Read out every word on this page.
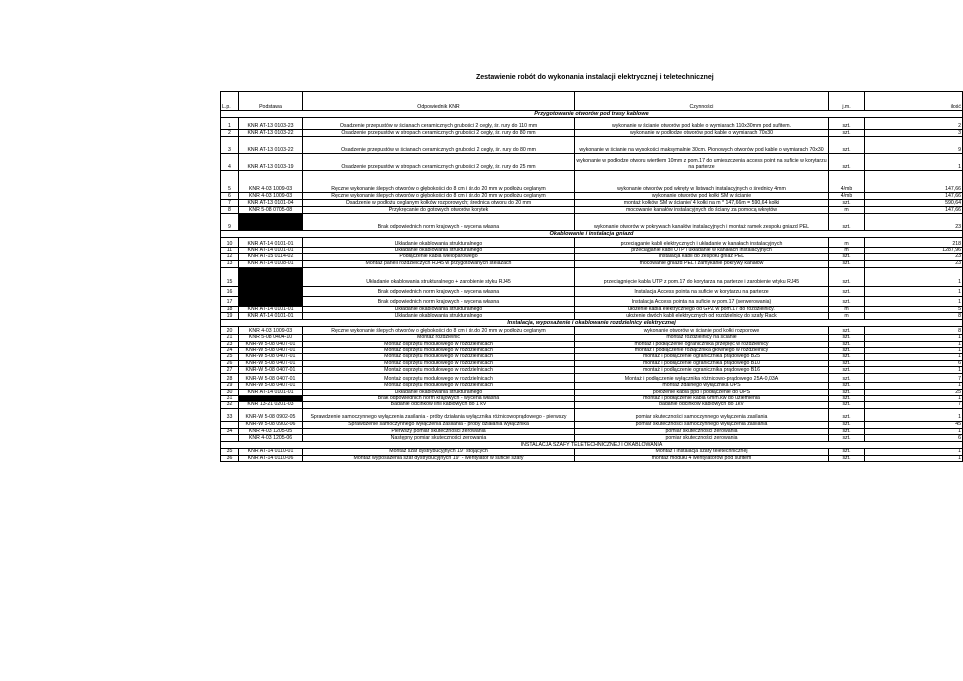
Zestawienie robót do wykonania instalacji elektrycznej i teletechnicznej
L.p.	Podstawa	Odpowiednik KNR	Czynności	j.m.	ilość
Przygotowanie otworów pod trasy kablowe					
1	KNR AT-13 0103-23	Osadzenie przepustów w ścianach ceramicznych grubości 2 cegły, śr. rury do 110 mm	wykonanie w ścianie otworów pod kable o wymiarach 110x30mm pod sufitem.	szt.	2
2	KNR AT-13 0103-22	Osadzenie przepustów w stropach ceramicznych grubości 2 cegły, śr. rury do 80 mm	wykonanie w podłodze otworów pod kable o wymiarach 70x30	szt.	3
3	KNR AT-13 0103-22	Osadzenie przepustów w ścianach ceramicznych grubości 2 cegły, śr. rury do 80 mm	wykonanie w ścianie na wysokości maksymalnie 30cm. Pionowych otworów pod kable o wymiarach 70x30	szt.	9
4	KNR AT-13 0103-19	Osadzenie przepustów w stropach ceramicznych grubości 2 cegły, śr. rury do 25 mm	wykonanie w podłodze otworu wiertłem 10mm z pom.17 do umieszczenia access point na suficie w korytarzu na parterze	szt.	1
5	KNR 4-03 1009-03	Ręczne wykonanie ślepych otworów o głębokości do 8 cm i śr.do 20 mm w podłożu ceglanym	wykonanie otworów pod wkręty w listwach instalacyjnych o średnicy 4mm	4/mb	147,66
6	KNR 4-03 1009-03	Ręczne wykonanie ślepych otworów o głębokości do 8 cm i śr.do 20 mm w podłożu ceglanym	wykonanie otworów pod kołki SM w ścianie	4/mb	147,66
7	KNR AT-13 0101-04	Osadzenie w podłożu ceglanym kołków rozporowych; średnica otworu do 20 mm	montaż kołków SM w ścianie/ 4 kołki na m * 147,66m = 590,64 kołki	szt.	590,64
8	KNR 5-08 0705-08	Przykręcanie do gotowych otworów korytek	mocowanie kanałów instalacyjnych do ściany za pomocą wkrętów	m	147,66
9		Brak odpowiednich norm krajowych - wycena własna	wykonanie otworów w pokrywach kanałów instalacyjnych i montaż ramek zespołu gniazd PEL	szt.	23
Okablowanie i instalacja gniazd					
10	KNR AT-14 0101-01	Układanie okablowania strukturalnego	przeciąganie kabli elektrycznych i układanie w kanałach instalacyjnych	m	218
11	KNR AT-14 0101-01	Układanie okablowania strukturalnego	przeciąganie kabli UTP i układanie w kanałach instalacyjnych	m	1287,96
12	KNR AT-15 0114-02	Podłączenie kabla wieloparowego	instalacja kabli do zespołu gniaz PEL	szt.	23
13	KNR AT-14 0108-01	Montaż paneli rozdzielczych RJ45 w przygotowanych stelażach	mocowanie gniazd PEL i zamykanie pokrywy kanałów	szt.	23
15		Układanie okablowania strukturalnego + zarobienie styku RJ45	przeciągnięcie kabla UTP z pom.17 do korytarza na parterze i zarobienie wtyku RJ45	szt.	1
16		Brak odpowiednich norm krajowych - wycena własna	Instalacja Access pointa na suficie w korytarzu na parterze	szt.	1
17		Brak odpowiednich norm krajowych - wycena własna	Instalacja Access pointa na suficie w pom.17 (serwerowania)	szt.	1
18	KNR AT-14 0101-01	Układanie okablowania strukturalnego	ułożenie kabla elektrycznego od GPZ w pom.17 do rozdzielnicy.	m	5
19	KNR AT-14 0101-01	Układanie okablowania strukturalnego	ułożenie dwóch kabli elektrycznych od rozdzielnicy do szafy Rack	m	8
Instalacja, wyposażenie i okablowanie rozdzielnicy elektrycznej					
20	KNR 4-03 1009-03	Ręczne wykonanie ślepych otworów o głębokości do 8 cm i śr.do 20 mm w podłożu ceglanym	wykonanie otworów w ścianie pod kołki rozporowe	szt.	8
21	KNR 5-08 0404-10	Montaż rozdzielnic	montaż rozdzielnicy na ścianie	szt.	1
23	KNR-W 5-08 0407-01	Montaż osprzętu modułowego w rozdzielnicach	montaż i podłączenie ogranicznika przepięć w rozdzielnicy	szt.	1
24	KNR-W 5-08 0407-01	Montaż osprzętu modułowego w rozdzielnicach	montaż i podłączenie rozłącznika głównego w rozdzielnicy	szt.	1
25	KNR-W 5-08 0407-01	Montaż osprzętu modułowego w rozdzielnicach	montaż i podłączenie ogranicznika prądowego B25	szt.	1
26	KNR-W 5-08 0407-01	Montaż osprzętu modułowego w rozdzielnicach	montaż i podłączenie ogranicznika prądowego B10	szt.	6
27	KNR-W 5-08 0407-01	Montaż osprzętu modułowego w rozdzielnicach	montaż i podłączenie ogranicznika prądowego B16	szt.	1
28	KNR-W 5-08 0407-01	Montaż osprzętu modułowego w rozdzielnicach	Montaż i podłączenie wyłącznika różnicowo-prądowego 25A-0,03A	szt.	7
29	KNR-W 5-08 0407-01	Montaż osprzętu modułowego w rozdzielnicach	montaż zdalnego wyłącznika UPS	szt.	1
30	KNR AT-14 0101-01	Układanie okablowania strukturalnego	położenie kabla ppd i podłączenie do UPS	szt.	25
31		Brak odpowiednich norm krajowych - wycena własna	montaż i podłączenie kabla 6mm.kw do uziemienia	szt.	1
32	KNR 13-21 0201-03	Badanie odcinków linii kablowych do 1 kV	badanie odcinków kablowych do 1kV	szt.	7
33	KNR-W 5-08 0902-05	Sprawdzenie samoczynnego wyłączenia zasilania - próby działania wyłącznika różnicowoprądowego - pierwszy	pomiar skuteczności samoczynnego wyłączenia zasilania	szt.	1
	KNR-W 5-08 0902-06	Sprawdzenie samoczynnego wyłączenia zasilania - próby działania wyłącznika	pomiar skuteczności samoczynnego wyłączenia zasilania	szt.	45
34	KNR 4-03 1205-05	Pierwszy pomiar skuteczności zerowania	pomiar skuteczności zerowania	szt.	1
	KNR 4-03 1205-06	Następny pomiar skuteczności zerowania	pomiar skuteczności zerowania	szt.	6
INSTALACJA SZAFY TELETECHNICZNEJ I OKABLOWANIA					
35	KNR AT-14 0110-01	Montaż szaf dystrybucyjnych 19" stojących	Montaż i instalacja szafy teletechnicznej	szt.	1
36	KNR AT-14 0110-06	Montaż wyposażenia szaf dystrybucyjnych 19" - wentylator w suficie szafy	montaż modułu 4 wentylatorów pod sufitem	szt.	1
